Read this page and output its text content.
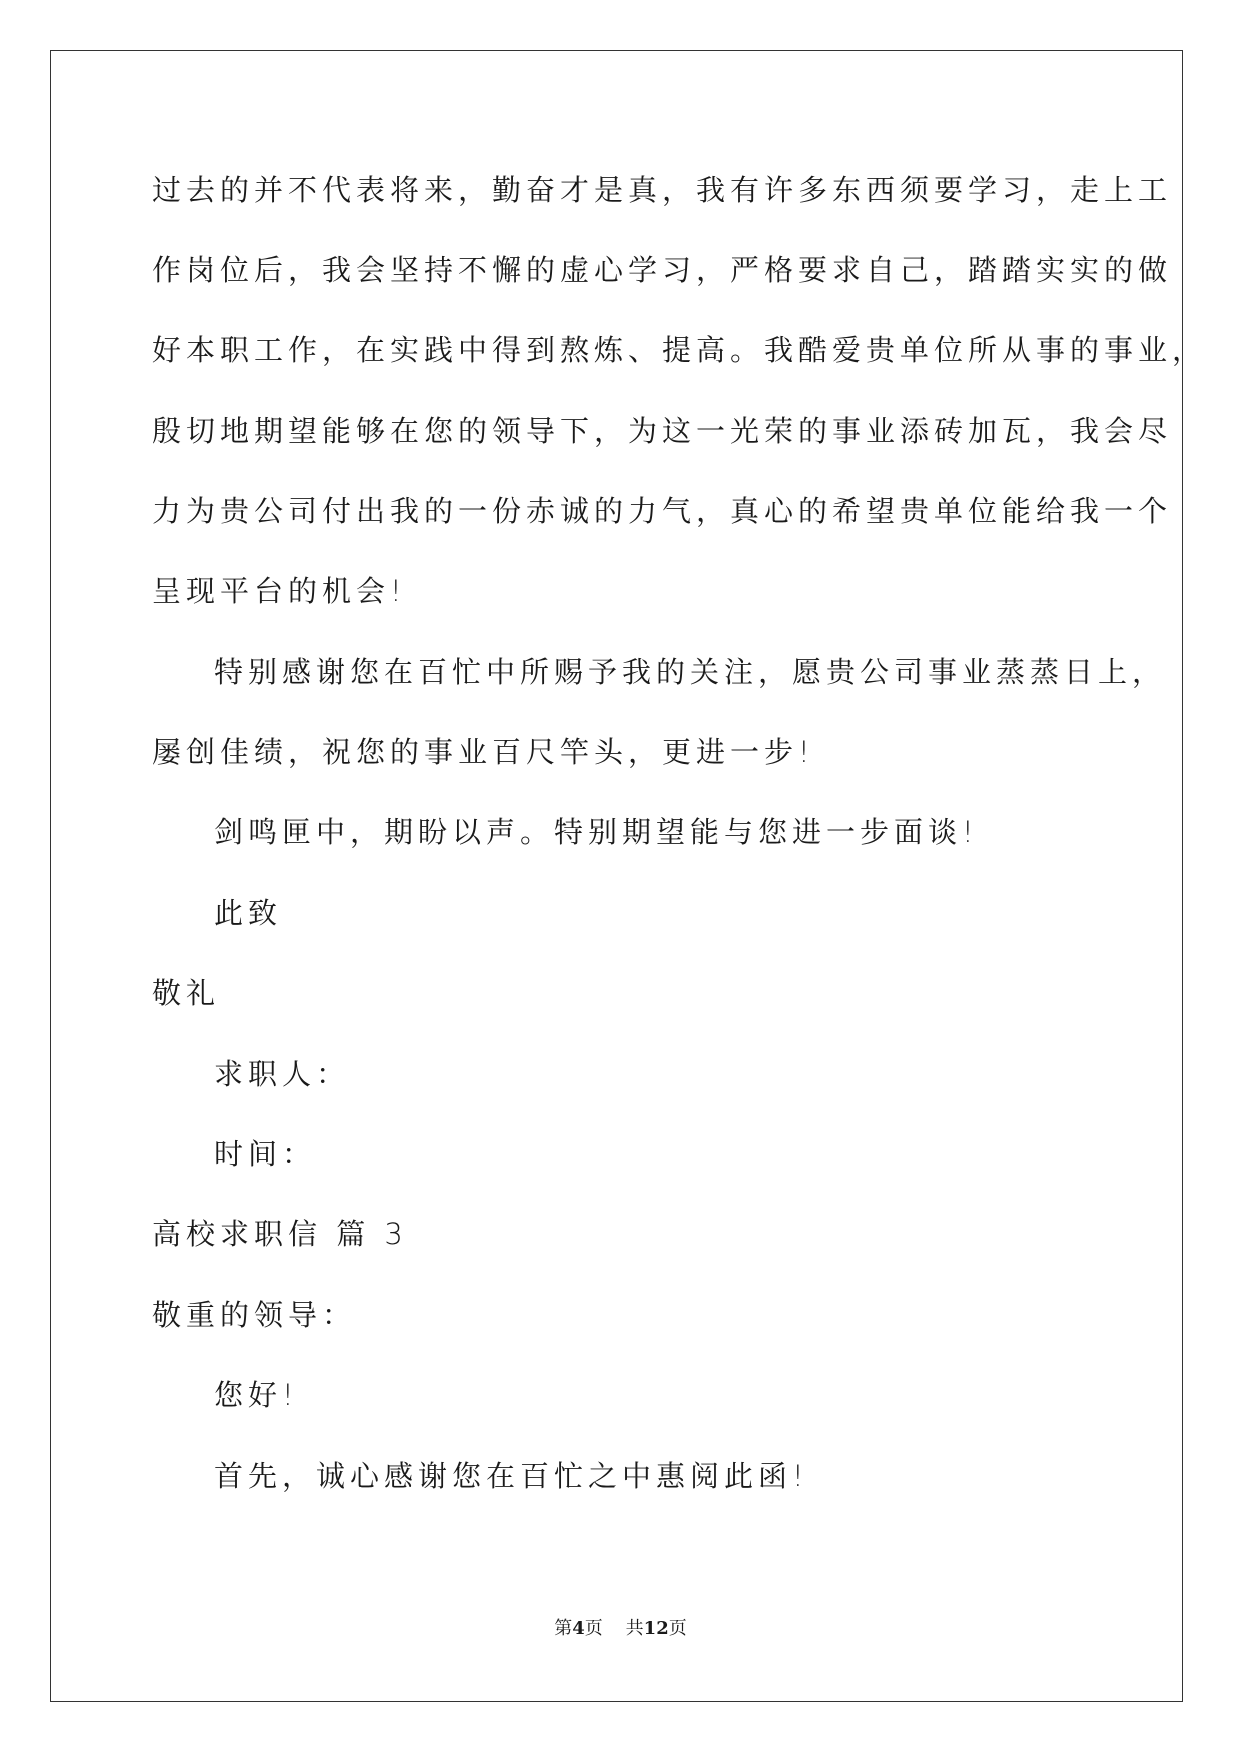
过去的并不代表将来，勤奋才是真，我有许多东西须要学习，走上工
作岗位后，我会坚持不懈的虚心学习，严格要求自己，踏踏实实的做
好本职工作，在实践中得到熬炼、提高。我酷爱贵单位所从事的事业，
殷切地期望能够在您的领导下，为这一光荣的事业添砖加瓦，我会尽
力为贵公司付出我的一份赤诚的力气，真心的希望贵单位能给我一个
呈现平台的机会!
特别感谢您在百忙中所赐予我的关注，愿贵公司事业蒸蒸日上，
屡创佳绩，祝您的事业百尺竿头，更进一步!
剑鸣匣中，期盼以声。特别期望能与您进一步面谈!
此致
敬礼
求职人：
时间：
高校求职信 篇 3
敬重的领导：
您好!
首先，诚心感谢您在百忙之中惠阅此函!
第4页 共12页
